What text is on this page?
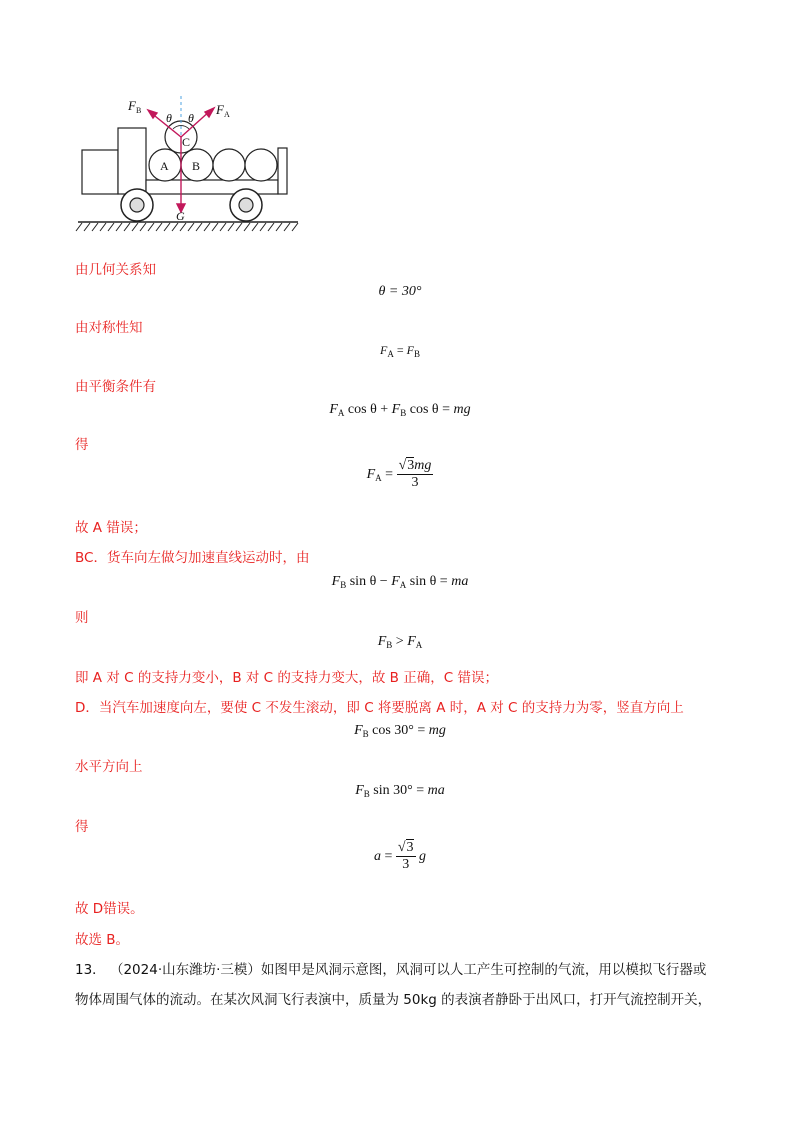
$F_B$	$F_A$
θ θ
C
A B
G
由几何关系知
θ = 30°
由对称性知
$F_A = F_B$
由平衡条件有
$F_A$ $\cos \theta + F_B$ cos θ = mg
得
$F_A = \frac{√3mg}{3}$
故 A 错误；
BC．货车向左做匀加速直线运动时，由
$F_B$ $\sin \theta - F_A$ sin θ = ma
则
$F_B > F_A$
即 A 对 C 的支持力变小，B 对 C 的支持力变大，故 B 正确，C 错误；
D．当汽车加速度向左，要使 C 不发生滚动，即 C 将要脱离 A 时，A 对 C 的支持力为零，竖直方向上
$F_B$ cos 30° = mg
水平方向上
$F_B$ sin 30° = ma
得
$a = \frac{√3}{3}$ g
故 D错误。
故选 B。
13． （2024·山东潍坊·三模）如图甲是风洞示意图，风洞可以人工产生可控制的气流，用以模拟飞行器或
物体周围气体的流动。在某次风洞飞行表演中，质量为 50kg 的表演者静卧于出风口，打开气流控制开关，
